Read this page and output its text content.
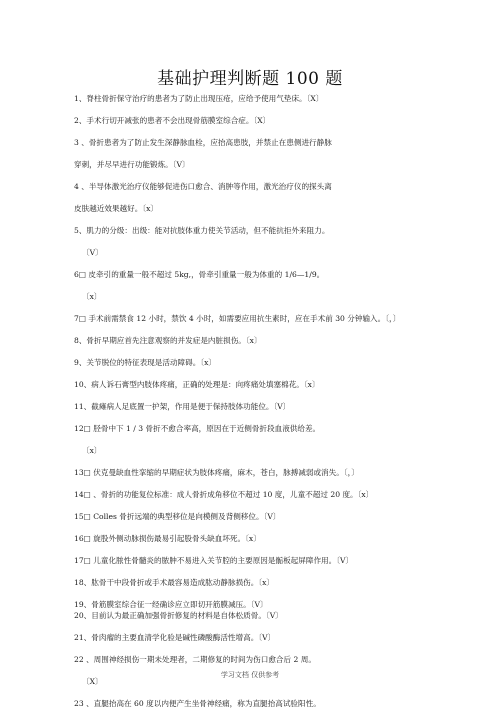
基础护理判断题 100 题
1、脊柱骨折保守治疗的患者为了防止出现压疮，应给予使用气垫床。〔X〕
2、手术行切开减张的患者不会出现骨筋膜室综合症。〔X〕
3 、骨折患者为了防止发生深静脉血栓，应抬高患肢，并禁止在患侧进行静脉
穿刺，并尽早进行功能锻炼。〔V〕
4 、半导体激光治疗仪能够促进伤口愈合、消肿等作用，激光治疗仪的探头离
皮肤越近效果越好。〔x〕
5、肌力的分级：出级：能对抗肢体重力使关节活动，但不能抗拒外来阻力。
〔V〕
6□ 皮牵引的重量一般不超过 5kg,，骨牵引重量一般为体重的 1/6—1/9。
〔x〕
7□ 手术前需禁食 12 小时，禁饮 4 小时，如需要应用抗生素时，应在手术前 30 分钟输入。〔，〕
8、骨折早期应首先注意观察的并发症是内脏损伤。〔x〕
9、关节脱位的特征表现是活动障碍。〔x〕
10、病人诉石膏型内肢体疼痛，正确的处理是：向疼痛处填塞棉花。〔x〕
11、截瘫病人足底置一护架，作用是便于保持肢体功能位。〔V〕
12□ 胫骨中下 1 / 3 骨折不愈合率高，原因在于近侧骨折段血液供给差。
〔x〕
13□ 伏克曼缺血性挛缩的早期症状为肢体疼痛，麻木，苍白，脉搏减弱或消失。〔，〕
14□ 、骨折的功能复位标准：成人骨折成角移位不超过 10 度，儿童不超过 20 度。〔x〕
15□ Colles 骨折远端的典型移位是向模侧及背侧移位。〔V〕
16□ 旋股外侧动脉损伤最易引起股骨头缺血坏死。〔x〕
17□ 儿童化脓性骨髓炎的脓肿不易进入关节腔的主要原因是骺板起屏障作用。〔V〕
18、肱骨干中段骨折或手术最容易造成肱动静脉损伤。〔x〕
19、骨筋膜室综合征一经确诊应立即切开筋膜减压。〔V〕
20、目前认为最正确加强骨折修复的材料是自体松质骨。〔V〕
21、骨肉瘤的主要血清学化验是碱性磷酸酶活性增高。〔V〕
22 、周围神经损伤一期未处理者，二期修复的时间为伤口愈合后 2 周。
〔X〕
23 、直腿抬高在 60 度以内便产生坐骨神经痛，称为直腿抬高试验阳性。
学习文档 仅供参考
